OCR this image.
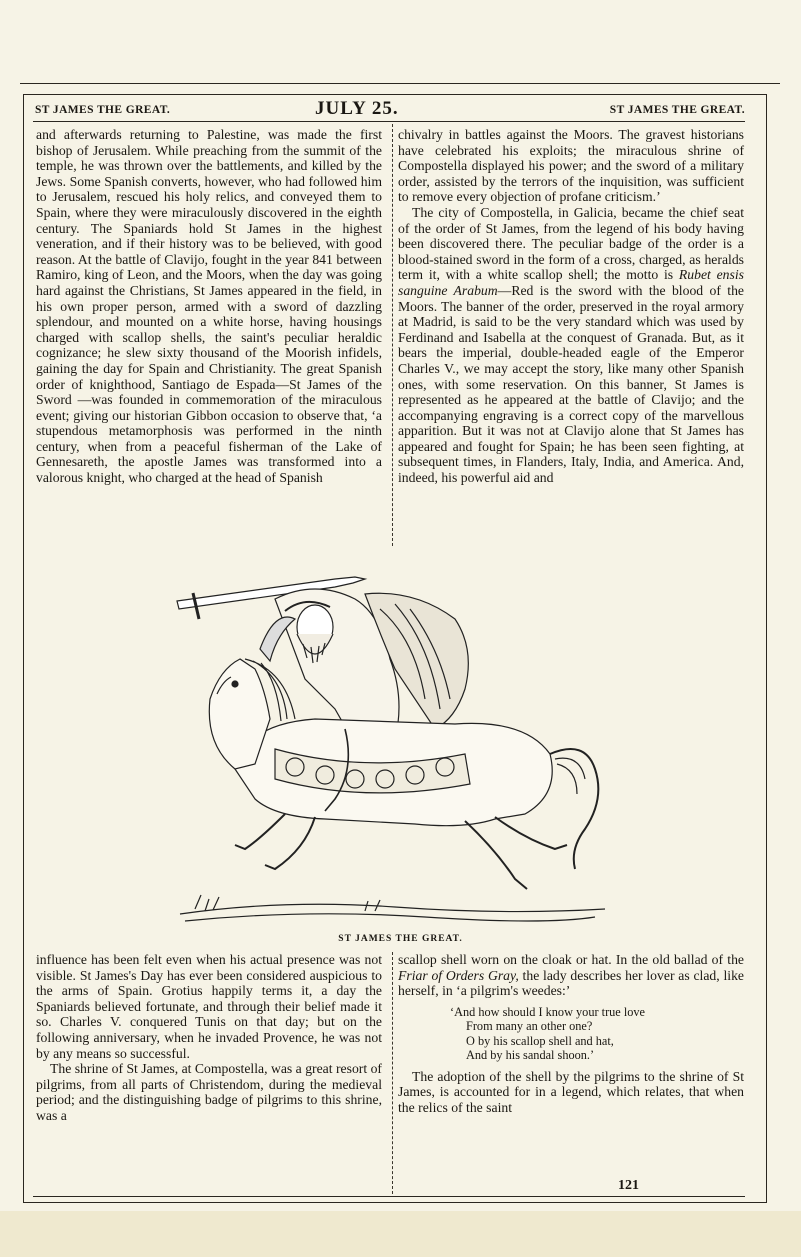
ST JAMES THE GREAT.	JULY 25.	ST JAMES THE GREAT.

and afterwards returning to Palestine, was made the first bishop of Jerusalem. While preaching from the summit of the temple, he was thrown over the battlements, and killed by the Jews. Some Spanish converts, however, who had followed him to Jerusalem, rescued his holy relics, and conveyed them to Spain, where they were miraculously discovered in the eighth century. The Spaniards hold St James in the highest veneration, and if their history was to be believed, with good reason. At the battle of Clavijo, fought in the year 841 between Ramiro, king of Leon, and the Moors, when the day was going hard against the Christians, St James appeared in the field, in his own proper person, armed with a sword of dazzling splendour, and mounted on a white horse, having housings charged with scallop shells, the saint's peculiar heraldic cognizance; he slew sixty thousand of the Moorish infidels, gaining the day for Spain and Christianity. The great Spanish order of knighthood, Santiago de Espada—St James of the Sword —was founded in commemoration of the miraculous event; giving our historian Gibbon occasion to observe that, ‘a stupendous metamorphosis was performed in the ninth century, when from a peaceful fisherman of the Lake of Gennesareth, the apostle James was transformed into a valorous knight, who charged at the head of Spanish

chivalry in battles against the Moors. The gravest historians have celebrated his exploits; the miraculous shrine of Compostella displayed his power; and the sword of a military order, assisted by the terrors of the inquisition, was sufficient to remove every objection of profane criticism.’

The city of Compostella, in Galicia, became the chief seat of the order of St James, from the legend of his body having been discovered there. The peculiar badge of the order is a blood-stained sword in the form of a cross, charged, as heralds term it, with a white scallop shell; the motto is Rubet ensis sanguine Arabum—Red is the sword with the blood of the Moors. The banner of the order, preserved in the royal armory at Madrid, is said to be the very standard which was used by Ferdinand and Isabella at the conquest of Granada. But, as it bears the imperial, double-headed eagle of the Emperor Charles V., we may accept the story, like many other Spanish ones, with some reservation. On this banner, St James is represented as he appeared at the battle of Clavijo; and the accompanying engraving is a correct copy of the marvellous apparition. But it was not at Clavijo alone that St James has appeared and fought for Spain; he has been seen fighting, at subsequent times, in Flanders, Italy, India, and America. And, indeed, his powerful aid and

ST JAMES THE GREAT.

influence has been felt even when his actual presence was not visible. St James's Day has ever been considered auspicious to the arms of Spain. Grotius happily terms it, a day the Spaniards believed fortunate, and through their belief made it so. Charles V. conquered Tunis on that day; but on the following anniversary, when he invaded Provence, he was not by any means so successful.

The shrine of St James, at Compostella, was a great resort of pilgrims, from all parts of Christendom, during the medieval period; and the distinguishing badge of pilgrims to this shrine, was a

scallop shell worn on the cloak or hat. In the old ballad of the Friar of Orders Gray, the lady describes her lover as clad, like herself, in ‘a pilgrim's weedes:’

‘And how should I know your true love
From many an other one?
O by his scallop shell and hat,
And by his sandal shoon.’

The adoption of the shell by the pilgrims to the shrine of St James, is accounted for in a legend, which relates, that when the relics of the saint

121
